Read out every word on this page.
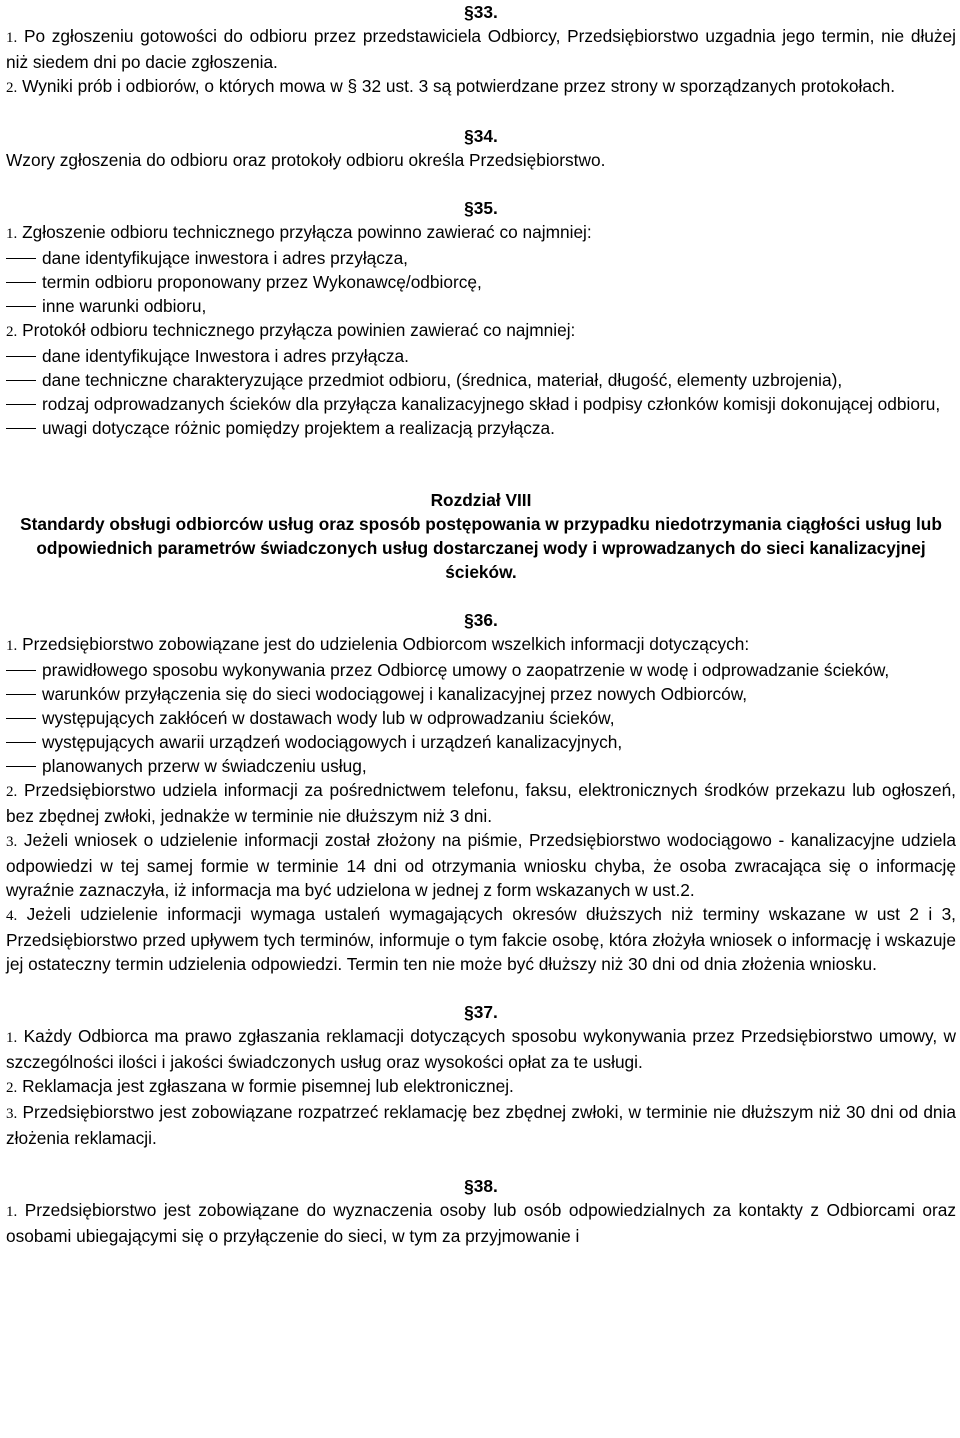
§33.

1. Po zgłoszeniu gotowości do odbioru przez przedstawiciela Odbiorcy, Przedsiębiorstwo uzgadnia jego termin, nie dłużej niż siedem dni po dacie zgłoszenia.

2. Wyniki prób i odbiorów, o których mowa w § 32 ust. 3 są potwierdzane przez strony w sporządzanych protokołach.

§34.

Wzory zgłoszenia do odbioru oraz protokoły odbioru określa Przedsiębiorstwo.

§35.

1. Zgłoszenie odbioru technicznego przyłącza powinno zawierać co najmniej:

dane identyfikujące inwestora i adres przyłącza,

termin odbioru proponowany przez Wykonawcę/odbiorcę,

inne warunki odbioru,

2. Protokół odbioru technicznego przyłącza powinien zawierać co najmniej:

dane identyfikujące Inwestora i adres przyłącza.

dane techniczne charakteryzujące przedmiot odbioru, (średnica, materiał, długość, elementy uzbrojenia),

rodzaj odprowadzanych ścieków dla przyłącza kanalizacyjnego skład i podpisy członków komisji dokonującej odbioru,

uwagi dotyczące różnic pomiędzy projektem a realizacją przyłącza.

Rozdział VIII
Standardy obsługi odbiorców usług oraz sposób postępowania w przypadku niedotrzymania ciągłości usług lub odpowiednich parametrów świadczonych usług dostarczanej wody i wprowadzanych do sieci kanalizacyjnej ścieków.
§36.

1. Przedsiębiorstwo zobowiązane jest do udzielenia Odbiorcom wszelkich informacji dotyczących:

prawidłowego sposobu wykonywania przez Odbiorcę umowy o zaopatrzenie w wodę i odprowadzanie ścieków,

warunków przyłączenia się do sieci wodociągowej i kanalizacyjnej przez nowych Odbiorców,

występujących zakłóceń w dostawach wody lub w odprowadzaniu ścieków,

występujących awarii urządzeń wodociągowych i urządzeń kanalizacyjnych,

planowanych przerw w świadczeniu usług,

2. Przedsiębiorstwo udziela informacji za pośrednictwem telefonu, faksu, elektronicznych środków przekazu lub ogłoszeń, bez zbędnej zwłoki, jednakże w terminie nie dłuższym niż 3 dni.

3. Jeżeli wniosek o udzielenie informacji został złożony na piśmie, Przedsiębiorstwo wodociągowo - kanalizacyjne udziela odpowiedzi w tej samej formie w terminie 14 dni od otrzymania wniosku chyba, że osoba zwracająca się o informację wyraźnie zaznaczyła, iż informacja ma być udzielona w jednej z form wskazanych w ust.2.

4. Jeżeli udzielenie informacji wymaga ustaleń wymagających okresów dłuższych niż terminy wskazane w ust 2 i 3, Przedsiębiorstwo przed upływem tych terminów, informuje o tym fakcie osobę, która złożyła wniosek o informację i wskazuje jej ostateczny termin udzielenia odpowiedzi. Termin ten nie może być dłuższy niż 30 dni od dnia złożenia wniosku.

§37.

1. Każdy Odbiorca ma prawo zgłaszania reklamacji dotyczących sposobu wykonywania przez Przedsiębiorstwo umowy, w szczególności ilości i jakości świadczonych usług oraz wysokości opłat za te usługi.

2. Reklamacja jest zgłaszana w formie pisemnej lub elektronicznej.

3. Przedsiębiorstwo jest zobowiązane rozpatrzeć reklamację bez zbędnej zwłoki, w terminie nie dłuższym niż 30 dni od dnia złożenia reklamacji.

§38.

1. Przedsiębiorstwo jest zobowiązane do wyznaczenia osoby lub osób odpowiedzialnych za kontakty z Odbiorcami oraz osobami ubiegającymi się o przyłączenie do sieci, w tym za przyjmowanie i
